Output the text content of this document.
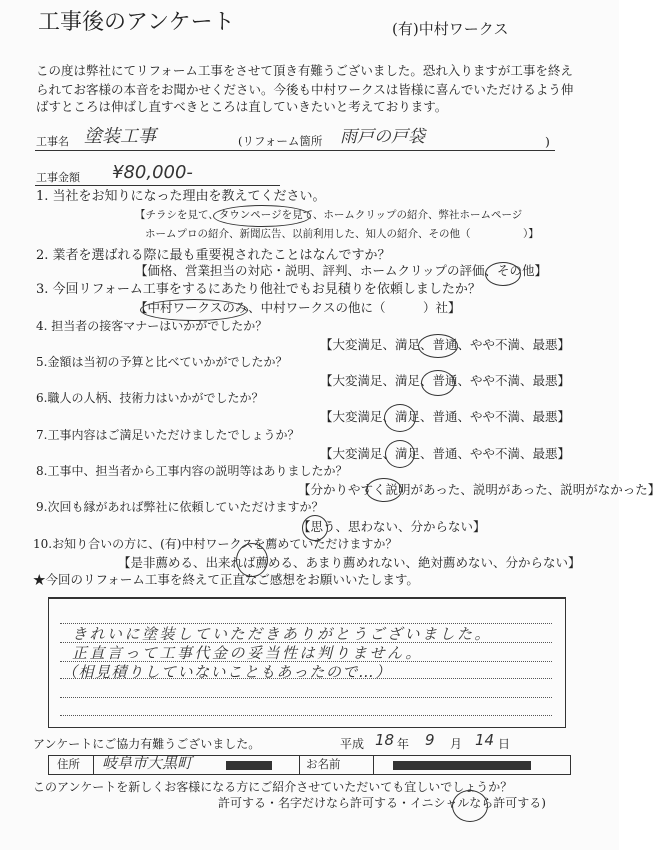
工事後のアンケート	(有)中村ワークス
この度は弊社にてリフォーム工事をさせて頂き有難うございました。恐れ入りますが工事を終え
られてお客様の本音をお聞かせください。今後も中村ワークスは皆様に喜んでいただけるよう伸
ばすところは伸ばし直すべきところは直していきたいと考えております。
工事名 塗装工事	(リフォーム箇所 雨戸の戸袋	)
工事金額 ¥80,000-
1. 当社をお知りになった理由を教えてください。
【チラシを見て、タウンページを見て、ホームクリップの紹介、弊社ホームページ
ホームプロの紹介、新聞広告、以前利用した、知人の紹介、その他（　　　　　）】
2. 業者を選ばれる際に最も重要視されたことはなんですか？
【価格、営業担当の対応・説明、評判、ホームクリップの評価、その他】
3. 今回リフォーム工事をするにあたり他社でもお見積りを依頼しましたか？
【中村ワークスのみ、中村ワークスの他に（　　　）社】
4. 担当者の接客マナーはいかがでしたか？
【大変満足、満足、普通、やや不満、最悪】
5.金額は当初の予算と比べていかがでしたか？
【大変満足、満足、普通、やや不満、最悪】
6.職人の人柄、技術力はいかがでしたか？
【大変満足、満足、普通、やや不満、最悪】
7.工事内容はご満足いただけましたでしょうか？
【大変満足、満足、普通、やや不満、最悪】
8.工事中、担当者から工事内容の説明等はありましたか？
【分かりやすく説明があった、説明があった、説明がなかった】
9.次回も縁があれば弊社に依頼していただけますか？
【思う、思わない、分からない】
10.お知り合いの方に、(有)中村ワークスを薦めていただけますか？
【是非薦める、出来れば薦める、あまり薦めれない、絶対薦めない、分からない】
★今回のリフォーム工事を終えて正直なご感想をお願いいたします。
きれいに塗装していただきありがとうございました。
正直言って工事代金の妥当性は判りません。
（相見積りしていないこともあったので…）
アンケートにご協力有難うございました。	平成 18 年 9 月 14 日
住所 岐阜市大黒町	お名前
このアンケートを新しくお客様になる方にご紹介させていただいても宜しいでしょうか？
許可する・名字だけなら許可する・イニシャルなら許可する)
